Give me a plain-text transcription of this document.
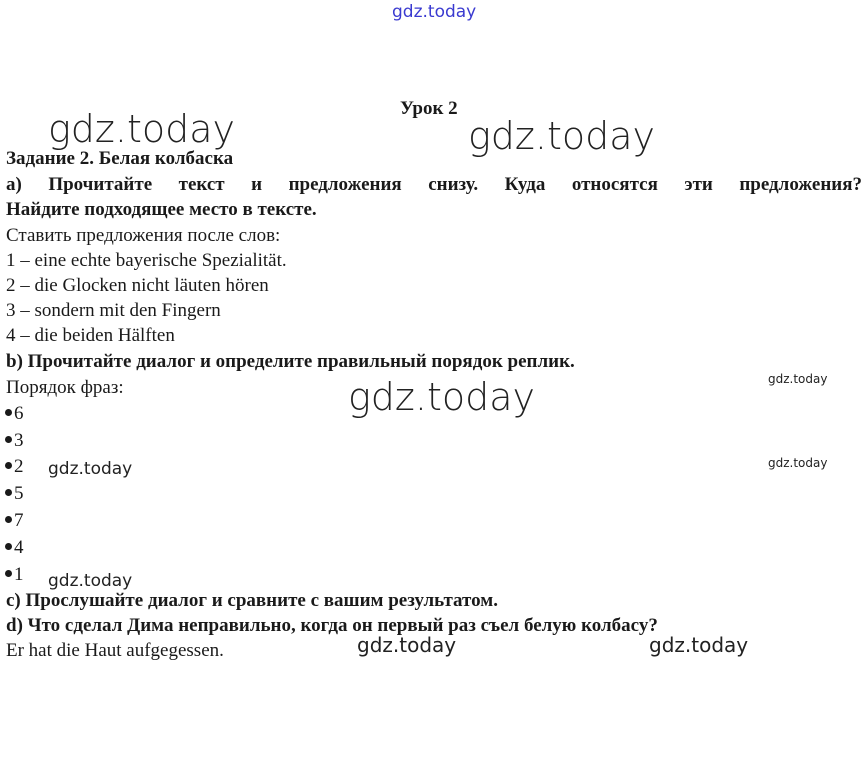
gdz.today
gdz.today	gdz.today
gdz.today
gdz.today
gdz.today
gdz.today	gdz.today
gdz.today
gdz.today
Урок 2
Задание 2. Белая колбаска
a) Прочитайте текст и предложения снизу. Куда относятся эти предложения?
Найдите подходящее место в тексте.
Ставить предложения после слов:
1 – eine echte bayerische Spezialität.
2 – die Glocken nicht läuten hören
3 – sondern mit den Fingern
4 – die beiden Hälften
b) Прочитайте диалог и определите правильный порядок реплик.
Порядок фраз:
6
3
2
5
7
4
1
c) Прослушайте диалог и сравните с вашим результатом.
d) Что сделал Дима неправильно, когда он первый раз съел белую колбасу?
Er hat die Haut aufgegessen.
